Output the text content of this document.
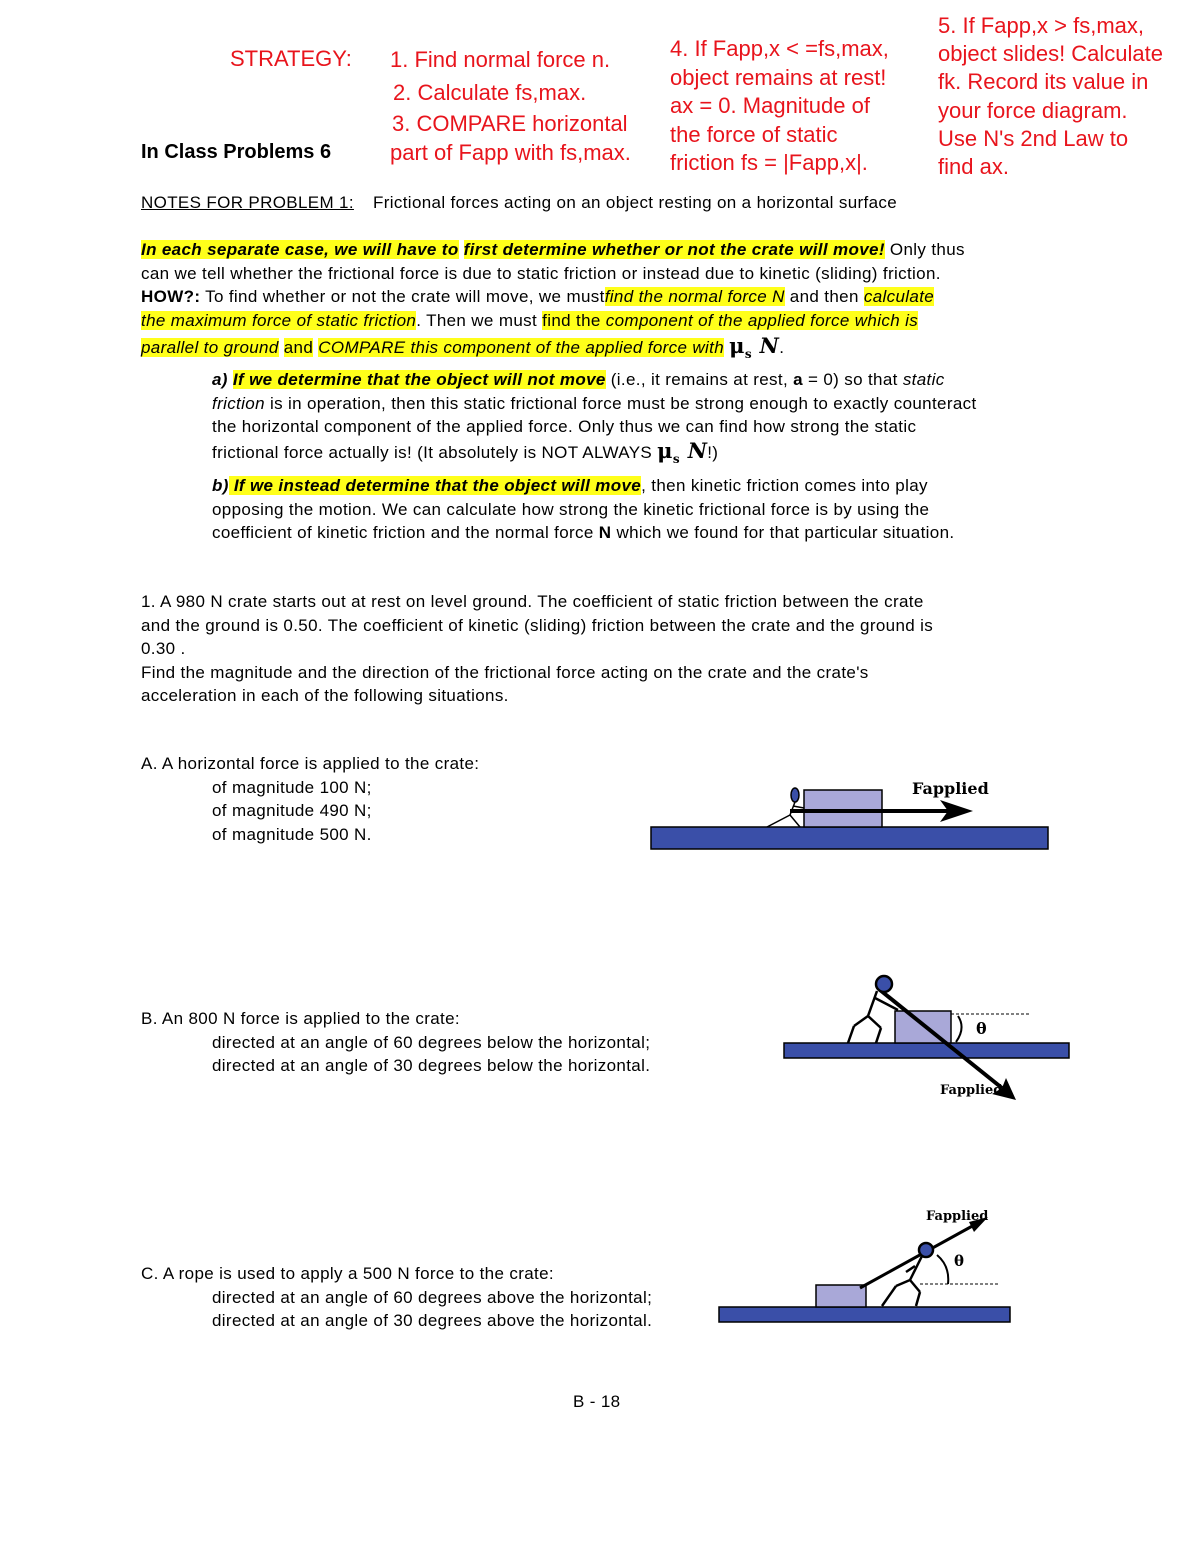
STRATEGY: 1. Find normal force n.
2. Calculate fs,max.
3. COMPARE horizontal
part of Fapp with fs,max.
4. If Fapp,x < =fs,max,
object remains at rest!
ax = 0. Magnitude of
the force of static
friction fs = |Fapp,x|.
5. If Fapp,x > fs,max,
object slides! Calculate
fk. Record its value in
your force diagram.
Use N's 2nd Law to
find ax.
In Class Problems 6
NOTES FOR PROBLEM 1: Frictional forces acting on an object resting on a horizontal surface
In each separate case, we will have to first determine whether or not the crate will move! Only thus
can we tell whether the frictional force is due to static friction or instead due to kinetic (sliding) friction.
HOW?: To find whether or not the crate will move, we mustfind the normal force N and then calculate
the maximum force of static friction. Then we must find the component of the applied force which is
parallel to ground and COMPARE this component of the applied force with $\mu_s$ N.
a) If we determine that the object will not move (i.e., it remains at rest, a = 0) so that static
friction is in operation, then this static frictional force must be strong enough to exactly counteract
the horizontal component of the applied force. Only thus we can find how strong the static
frictional force actually is! (It absolutely is NOT ALWAYS $\mu_s$ N!)
b) If we instead determine that the object will move, then kinetic friction comes into play
opposing the motion. We can calculate how strong the kinetic frictional force is by using the
coefficient of kinetic friction and the normal force N which we found for that particular situation.
1. A 980 N crate starts out at rest on level ground. The coefficient of static friction between the crate
and the ground is 0.50. The coefficient of kinetic (sliding) friction between the crate and the ground is
0.30 .
Find the magnitude and the direction of the frictional force acting on the crate and the crate's
acceleration in each of the following situations.
A. A horizontal force is applied to the crate:
of magnitude 100 N;
of magnitude 490 N;
of magnitude 500 N.
Fapplied
B. An 800 N force is applied to the crate:
directed at an angle of 60 degrees below the horizontal;
directed at an angle of 30 degrees below the horizontal.
θ
Fapplied
C. A rope is used to apply a 500 N force to the crate:
directed at an angle of 60 degrees above the horizontal;
directed at an angle of 30 degrees above the horizontal.
θ
Fapplied
B - 18
